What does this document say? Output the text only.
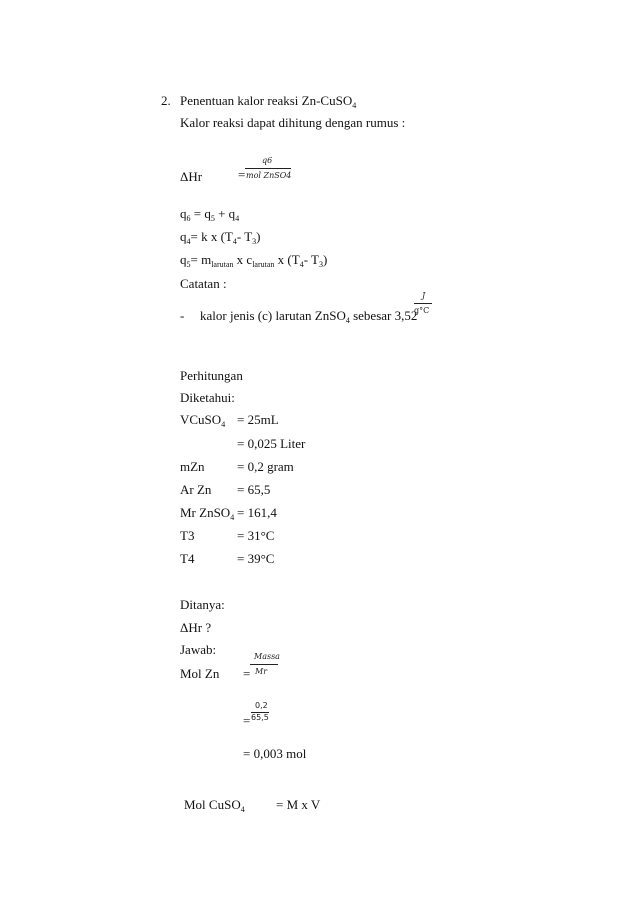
2. Penentuan kalor reaksi Zn-CuSO$_4$
Kalor reaksi dapat dihitung dengan rumus :
ΔHr	=
q6
mol ZnSO4
$q_6 = q_5 + q_4$
$q_4= k$ x ($T_4-$ $T_3$)
$q_5= m_{larutan}$ x $c_{larutan}$ x ($T_4-$ $T_3$)
Catatan :
- kalor jenis (c) larutan ZnSO$_4$ sebesar 3,52
J
g°C
Perhitungan
Diketahui:
VCuSO$_4$ = 25mL
= 0,025 Liter
mZn = 0,2 gram
Ar Zn = 65,5
Mr ZnSO$_4$ = 161,4
T3	= 31°C
T4	= 39°C
Ditanya:
ΔHr ?
Jawab:
Mol Zn =
Massa
Mr
=
0,2
65,5
= 0,003 mol
Mol CuSO$_4$ = M x V
